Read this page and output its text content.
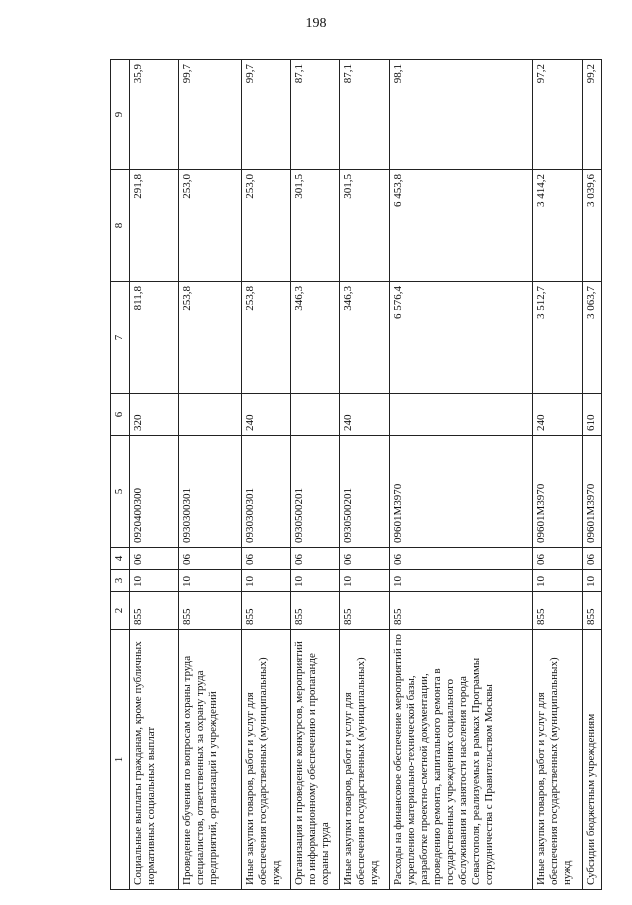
198
1	2	3	4	5	6	7	8	9
Социальные выплаты гражданам, кроме публичных нормативных социальных выплат	855	10	06	0920400300	320	811,8	291,8	35,9
Проведение обучения по вопросам охраны труда специалистов, ответственных за охрану труда предприятий, организаций и учреждений	855	10	06	0930300301		253,8	253,0	99,7
Иные закупки товаров, работ и услуг для обеспечения государственных (муниципальных) нужд	855	10	06	0930300301	240	253,8	253,0	99,7
Организация и проведение конкурсов, мероприятий по информационному обеспечению и пропаганде охраны труда	855	10	06	0930500201		346,3	301,5	87,1
Иные закупки товаров, работ и услуг для обеспечения государственных (муниципальных) нужд	855	10	06	0930500201	240	346,3	301,5	87,1
Расходы на финансовое обеспечение мероприятий по укреплению материально-технической базы, разработке проектно-сметной документации, проведению ремонта, капитального ремонта в государственных учреждениях социального обслуживания и занятости населения города Севастополя, реализуемых в рамках Программы сотрудничества с Правительством Москвы	855	10	06	09601М3970		6 576,4	6 453,8	98,1
Иные закупки товаров, работ и услуг для обеспечения государственных (муниципальных) нужд	855	10	06	09601М3970	240	3 512,7	3 414,2	97,2
Субсидии бюджетным учреждениям	855	10	06	09601М3970	610	3 063,7	3 039,6	99,2
